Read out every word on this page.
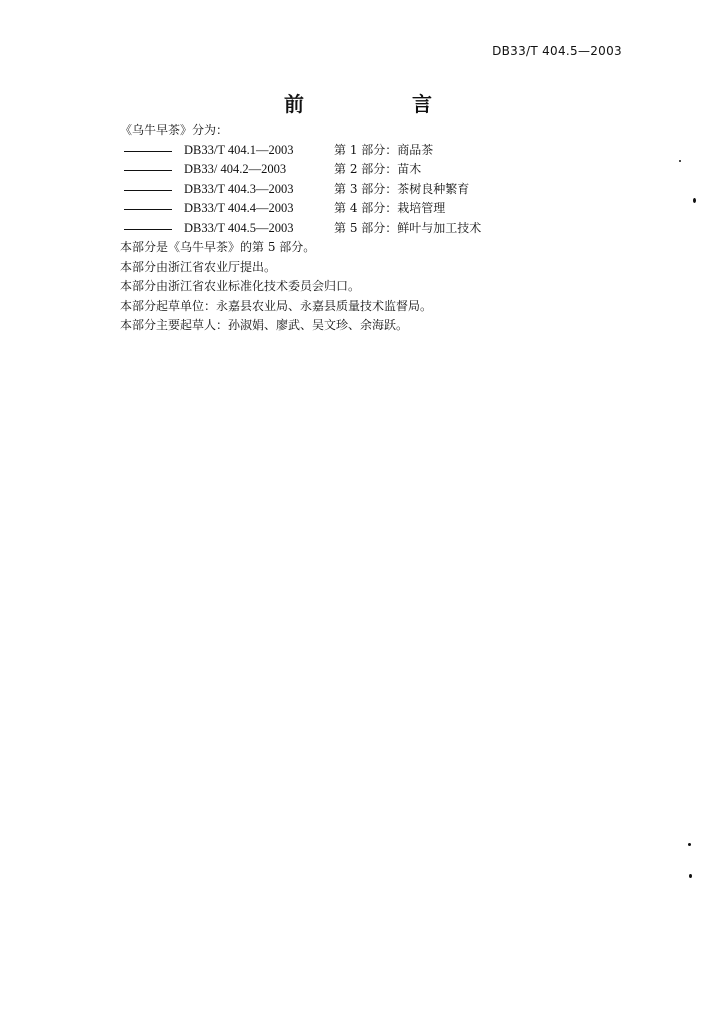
DB33/T 404.5—2003
前　言
《乌牛早茶》分为：
DB33/T 404.1—2003	第 1 部分：商品茶
DB33/ 404.2—2003	第 2 部分：苗木
DB33/T 404.3—2003	第 3 部分：茶树良种繁育
DB33/T 404.4—2003	第 4 部分：栽培管理
DB33/T 404.5—2003	第 5 部分：鲜叶与加工技术
本部分是《乌牛早茶》的第 5 部分。
本部分由浙江省农业厅提出。
本部分由浙江省农业标准化技术委员会归口。
本部分起草单位：永嘉县农业局、永嘉县质量技术监督局。
本部分主要起草人：孙淑娟、廖武、吴文珍、余海跃。
